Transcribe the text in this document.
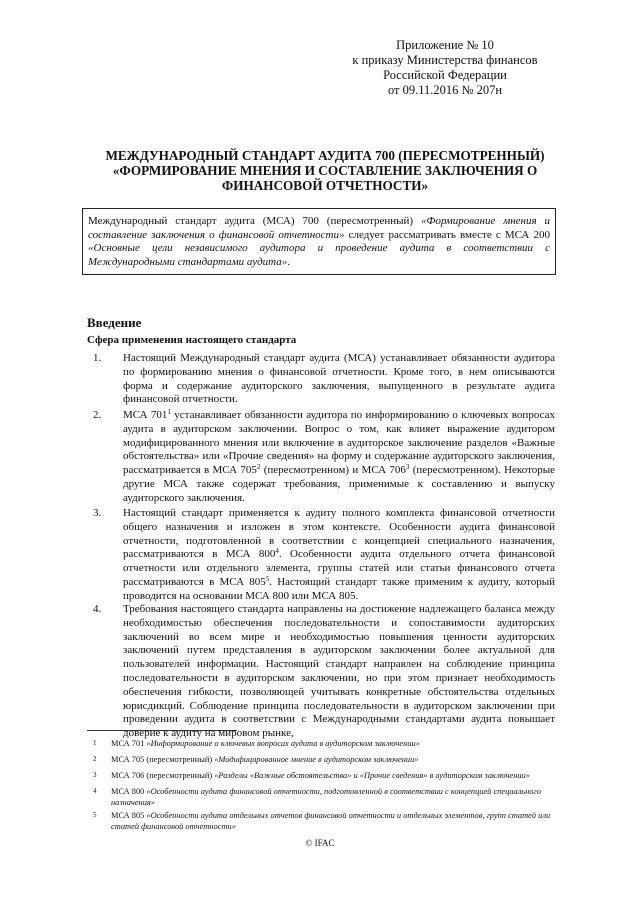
Приложение № 10
к приказу Министерства финансов
Российской Федерации
от 09.11.2016 № 207н
МЕЖДУНАРОДНЫЙ СТАНДАРТ АУДИТА 700 (ПЕРЕСМОТРЕННЫЙ)
«ФОРМИРОВАНИЕ МНЕНИЯ И СОСТАВЛЕНИЕ ЗАКЛЮЧЕНИЯ О
ФИНАНСОВОЙ ОТЧЕТНОСТИ»
Международный стандарт аудита (МСА) 700 (пересмотренный) «Формирование мнения и составление заключения о финансовой отчетности» следует рассматривать вместе с МСА 200 «Основные цели независимого аудитора и проведение аудита в соответствии с Международными стандартами аудита».
Введение
Сфера применения настоящего стандарта
1. Настоящий Международный стандарт аудита (МСА) устанавливает обязанности аудитора по формированию мнения о финансовой отчетности. Кроме того, в нем описываются форма и содержание аудиторского заключения, выпущенного в результате аудита финансовой отчетности.
2. МСА $701^1$ устанавливает обязанности аудитора по информированию о ключевых вопросах аудита в аудиторском заключении. Вопрос о том, как влияет выражение аудитором модифицированного мнения или включение в аудиторское заключение разделов «Важные обстоятельства» или «Прочие сведения» на форму и содержание аудиторского заключения, рассматривается в МСА $705^2$ (пересмотренном) и МСА $706^3$ (пересмотренном). Некоторые другие МСА также содержат требования, применимые к составлению и выпуску аудиторского заключения.
3. Настоящий стандарт применяется к аудиту полного комплекта финансовой отчетности общего назначения и изложен в этом контексте. Особенности аудита финансовой отчетности, подготовленной в соответствии с концепцией специального назначения, рассматриваются в МСА $800^4$. Особенности аудита отдельного отчета финансовой отчетности или отдельного элемента, группы статей или статьи финансового отчета рассматриваются в МСА $805^5$. Настоящий стандарт также применим к аудиту, который проводится на основании МСА 800 или МСА 805.
4. Требования настоящего стандарта направлены на достижение надлежащего баланса между необходимостью обеспечения последовательности и сопоставимости аудиторских заключений во всем мире и необходимостью повышения ценности аудиторских заключений путем представления в аудиторском заключении более актуальной для пользователей информации. Настоящий стандарт направлен на соблюдение принципа последовательности в аудиторском заключении, но при этом признает необходимость обеспечения гибкости, позволяющей учитывать конкретные обстоятельства отдельных юрисдикций. Соблюдение принципа последовательности в аудиторском заключении при проведении аудита в соответствии с Международными стандартами аудита повышает доверие к аудиту на мировом рынке,
1 МСА 701 «Информирование о ключевых вопросах аудита в аудиторском заключении»
2 МСА 705 (пересмотренный) «Модифицированное мнение в аудиторском заключении»
3 МСА 706 (пересмотренный) «Разделы «Важные обстоятельства» и «Прочие сведения» в аудиторском заключении»
4 МСА 800 «Особенности аудита финансовой отчетности, подготовленной в соответствии с концепцией специального назначения»
5 МСА 805 «Особенности аудита отдельных отчетов финансовой отчетности и отдельных элементов, групп статей или статей финансовой отчетности»
© IFAC
